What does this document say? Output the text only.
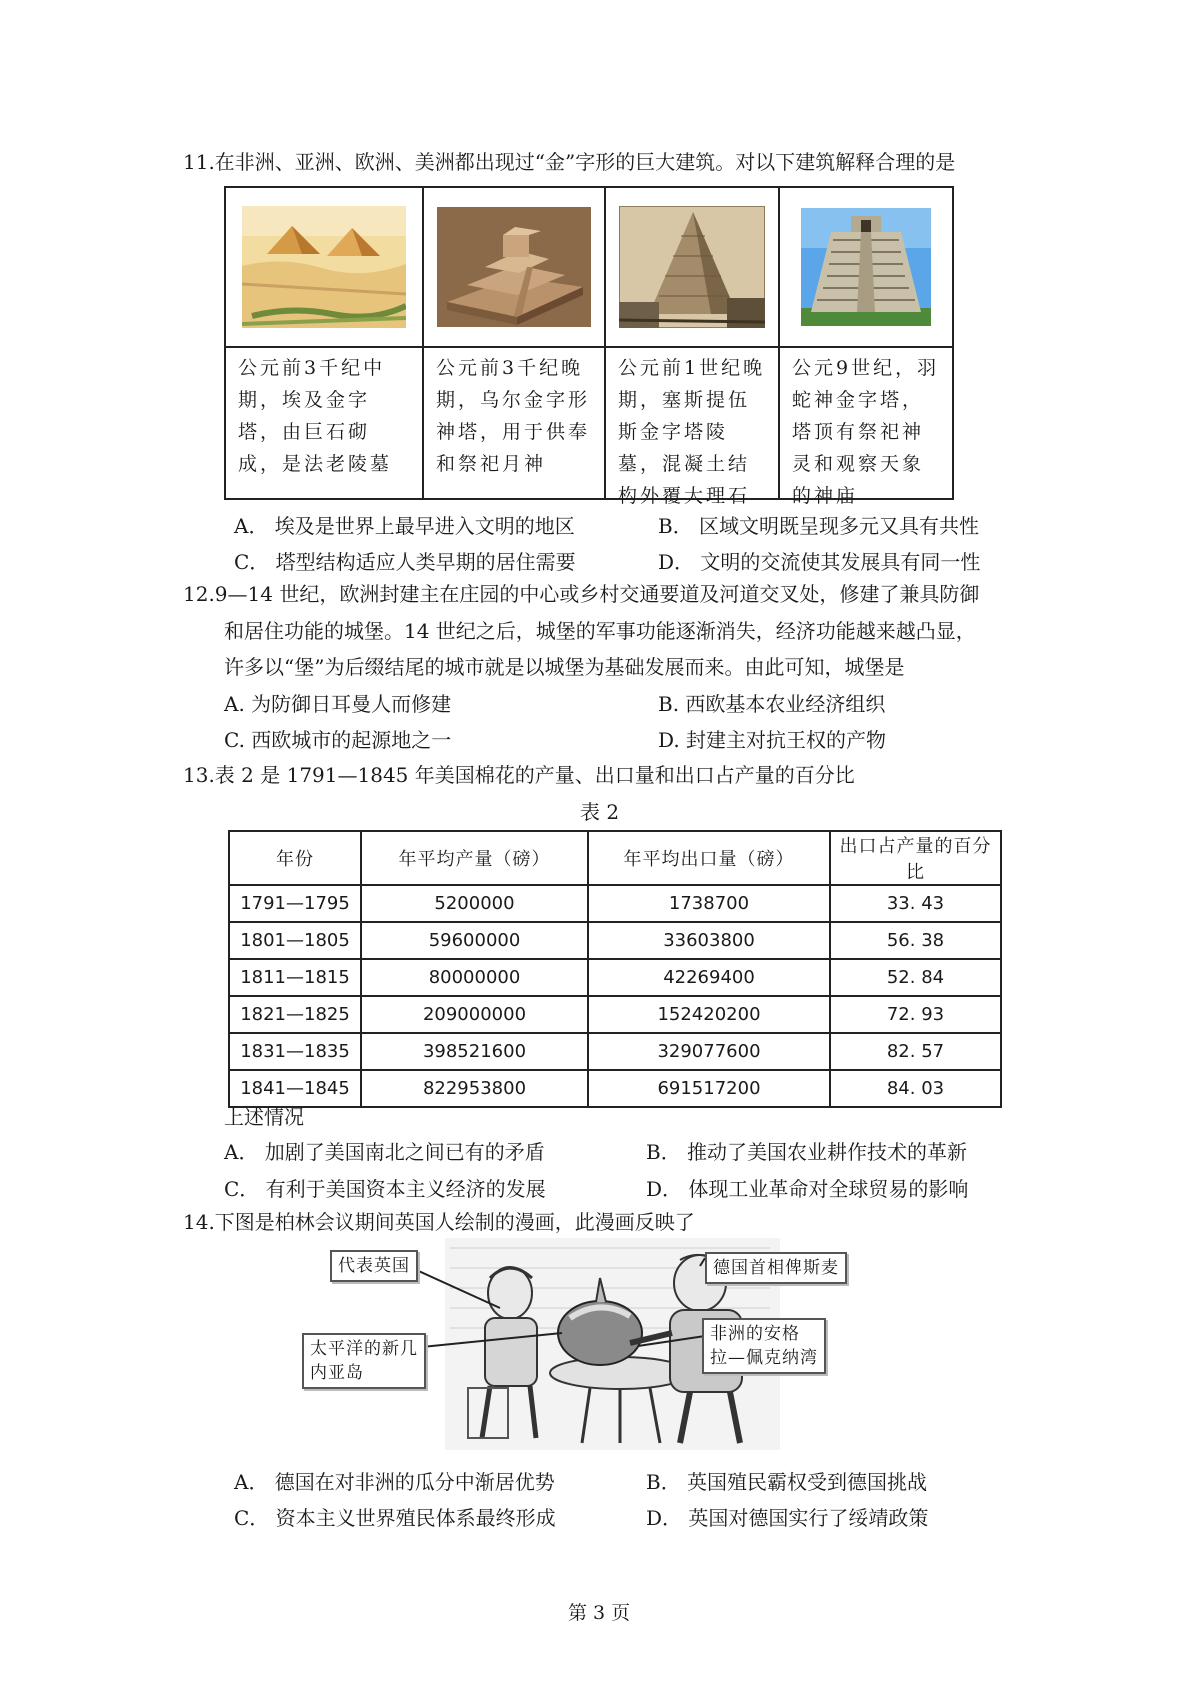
11.在非洲、亚洲、欧洲、美洲都出现过“金”字形的巨大建筑。对以下建筑解释合理的是

公元前3千纪中期，埃及金字塔，由巨石砌成，是法老陵墓	公元前3千纪晚期，乌尔金字形神塔，用于供奉和祭祀月神	公元前1世纪晚期，塞斯提伍斯金字塔陵墓，混凝土结构外覆大理石	公元9世纪，羽蛇神金字塔，塔顶有祭祀神灵和观察天象的神庙
A． 埃及是世界上最早进入文明的地区	B． 区域文明既呈现多元又具有共性
C． 塔型结构适应人类早期的居住需要	D． 文明的交流使其发展具有同一性
12.9—14 世纪，欧洲封建主在庄园的中心或乡村交通要道及河道交叉处，修建了兼具防御
和居住功能的城堡。14 世纪之后，城堡的军事功能逐渐消失，经济功能越来越凸显，
许多以“堡”为后缀结尾的城市就是以城堡为基础发展而来。由此可知，城堡是
A. 为防御日耳曼人而修建	B. 西欧基本农业经济组织
C. 西欧城市的起源地之一	D. 封建主对抗王权的产物
13.表 2 是 1791—1845 年美国棉花的产量、出口量和出口占产量的百分比
表 2
年份	年平均产量（磅）	年平均出口量（磅）	出口占产量的百分比
1791—1795	5200000	1738700	33. 43
1801—1805	59600000	33603800	56. 38
1811—1815	80000000	42269400	52. 84
1821—1825	209000000	152420200	72. 93
1831—1835	398521600	329077600	82. 57
1841—1845	822953800	691517200	84. 03
上述情况
A． 加剧了美国南北之间已有的矛盾	B． 推动了美国农业耕作技术的革新
C． 有利于美国资本主义经济的发展	D． 体现工业革命对全球贸易的影响
14.下图是柏林会议期间英国人绘制的漫画，此漫画反映了
代表英国	德国首相俾斯麦
非洲的安格
拉—佩克纳湾
太平洋的新几
内亚岛
A． 德国在对非洲的瓜分中渐居优势	B． 英国殖民霸权受到德国挑战
C． 资本主义世界殖民体系最终形成	D． 英国对德国实行了绥靖政策
第 3 页
